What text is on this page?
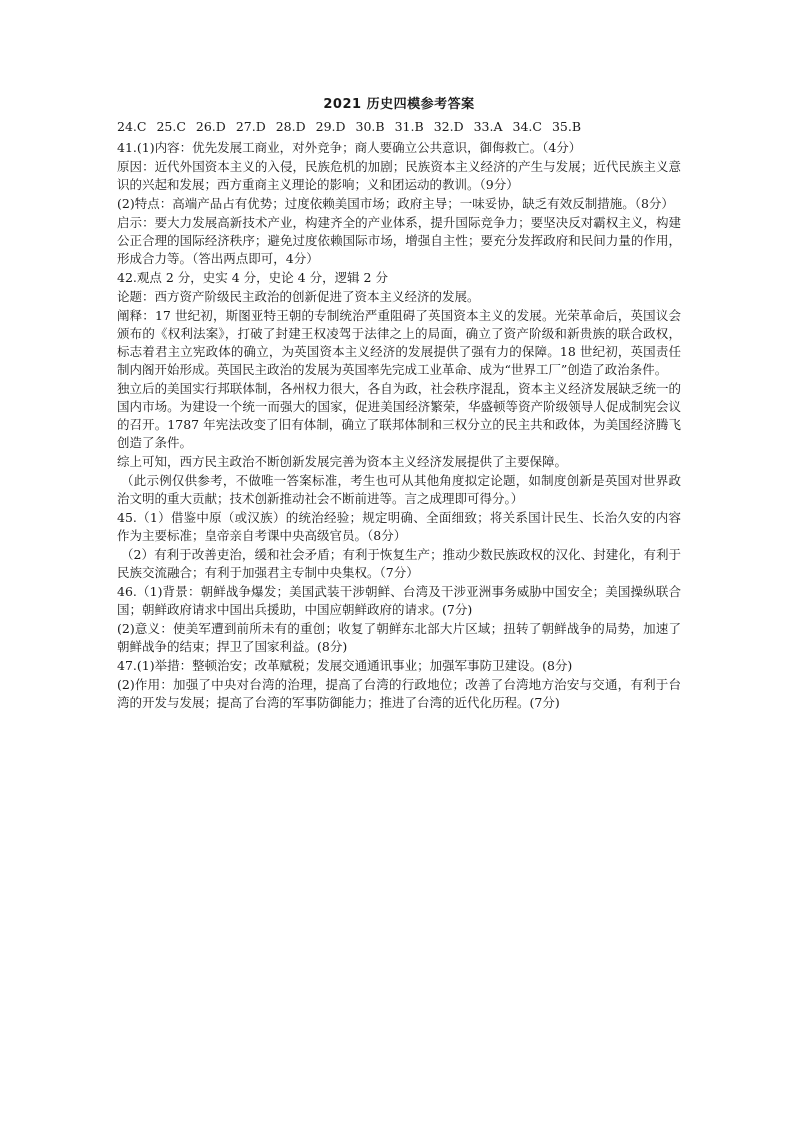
2021 历史四模参考答案
24.C 25.C 26.D 27.D 28.D 29.D 30.B 31.B 32.D 33.A 34.C 35.B

41.(1)内容：优先发展工商业，对外竞争；商人要确立公共意识，御侮救亡。（4分）

原因：近代外国资本主义的入侵，民族危机的加剧；民族资本主义经济的产生与发展；近代民族主义意识的兴起和发展；西方重商主义理论的影响；义和团运动的教训。（9分）

(2)特点：高端产品占有优势；过度依赖美国市场；政府主导；一味妥协，缺乏有效反制措施。（8分）

启示：要大力发展高新技术产业，构建齐全的产业体系，提升国际竞争力；要坚决反对霸权主义，构建公正合理的国际经济秩序；避免过度依赖国际市场，增强自主性；要充分发挥政府和民间力量的作用，形成合力等。（答出两点即可，4分）

42.观点 2 分，史实 4 分，史论 4 分，逻辑 2 分

论题：西方资产阶级民主政治的创新促进了资本主义经济的发展。

阐释：17 世纪初，斯图亚特王朝的专制统治严重阻碍了英国资本主义的发展。光荣革命后，英国议会颁布的《权利法案》，打破了封建王权凌驾于法律之上的局面，确立了资产阶级和新贵族的联合政权，标志着君主立宪政体的确立，为英国资本主义经济的发展提供了强有力的保障。18 世纪初，英国责任制内阁开始形成。英国民主政治的发展为英国率先完成工业革命、成为“世界工厂”创造了政治条件。

独立后的美国实行邦联体制，各州权力很大，各自为政，社会秩序混乱，资本主义经济发展缺乏统一的国内市场。为建设一个统一而强大的国家，促进美国经济繁荣，华盛顿等资产阶级领导人促成制宪会议的召开。1787 年宪法改变了旧有体制，确立了联邦体制和三权分立的民主共和政体，为美国经济腾飞创造了条件。

综上可知，西方民主政治不断创新发展完善为资本主义经济发展提供了主要保障。

（此示例仅供参考，不做唯一答案标准，考生也可从其他角度拟定论题，如制度创新是英国对世界政治文明的重大贡献；技术创新推动社会不断前进等。言之成理即可得分。）

45.（1）借鉴中原（或汉族）的统治经验；规定明确、全面细致；将关系国计民生、长治久安的内容作为主要标准；皇帝亲自考课中央高级官员。（8分）

（2）有利于改善吏治，缓和社会矛盾；有利于恢复生产；推动少数民族政权的汉化、封建化，有利于民族交流融合；有利于加强君主专制中央集权。（7分）

46.（1)背景：朝鲜战争爆发；美国武装干涉朝鲜、台湾及干涉亚洲事务威胁中国安全；美国操纵联合国；朝鲜政府请求中国出兵援助，中国应朝鲜政府的请求。(7分)

(2)意义：使美军遭到前所未有的重创；收复了朝鲜东北部大片区域；扭转了朝鲜战争的局势，加速了朝鲜战争的结束；捍卫了国家利益。(8分)

47.(1)举措：整顿治安；改革赋税；发展交通通讯事业；加强军事防卫建设。(8分)

(2)作用：加强了中央对台湾的治理，提高了台湾的行政地位；改善了台湾地方治安与交通，有利于台湾的开发与发展；提高了台湾的军事防御能力；推进了台湾的近代化历程。(7分)
